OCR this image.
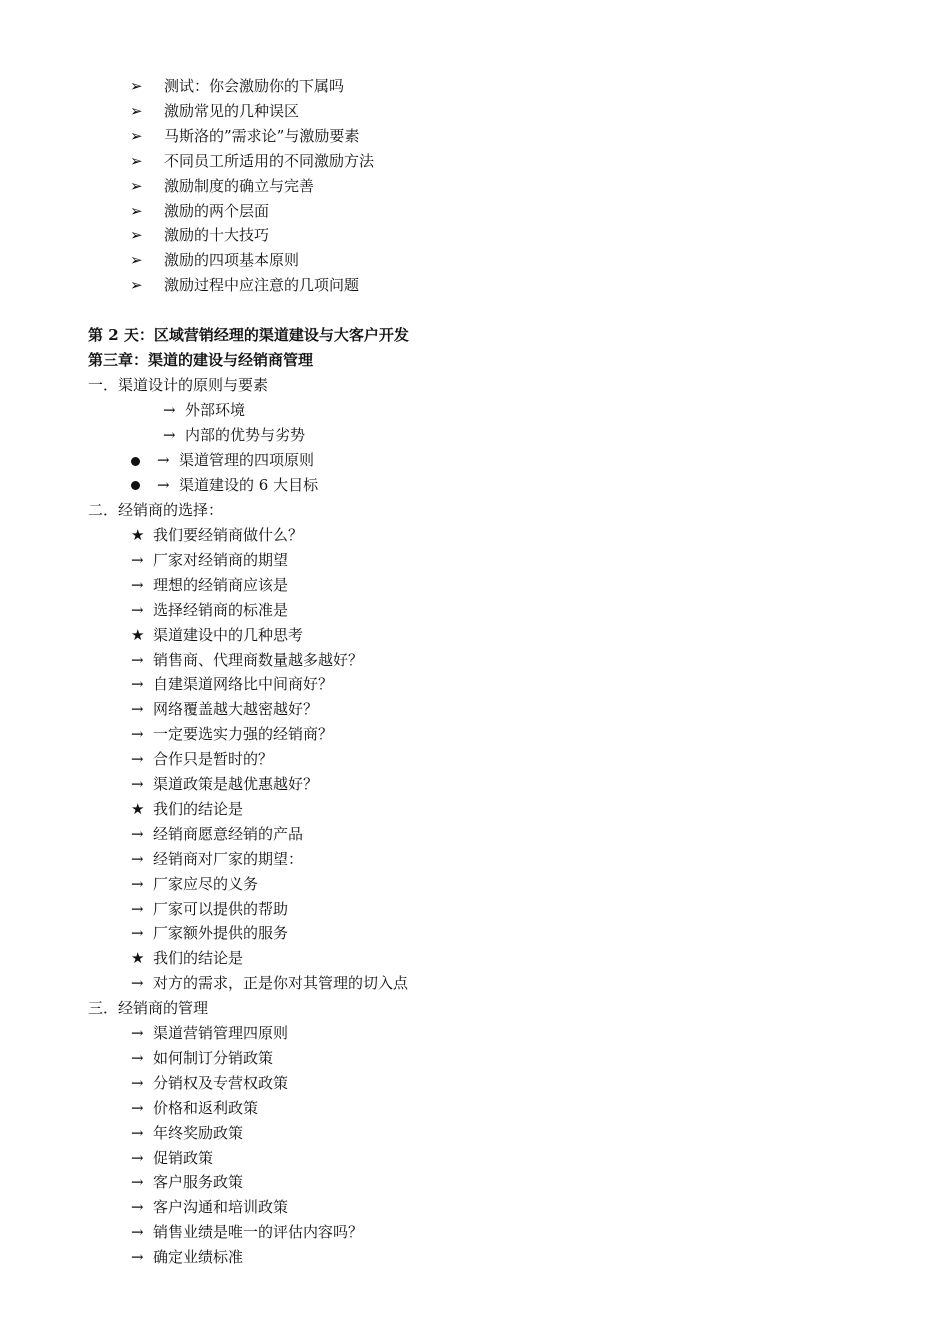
➢ 测试：你会激励你的下属吗
➢ 激励常见的几种误区
➢ 马斯洛的”需求论”与激励要素
➢ 不同员工所适用的不同激励方法
➢ 激励制度的确立与完善
➢ 激励的两个层面
➢ 激励的十大技巧
➢ 激励的四项基本原则
➢ 激励过程中应注意的几项问题
第 2 天：区域营销经理的渠道建设与大客户开发
第三章：渠道的建设与经销商管理
一．渠道设计的原则与要素
→ 外部环境
→ 内部的优势与劣势
→ 渠道管理的四项原则
→ 渠道建设的 6 大目标
二．经销商的选择：
★ 我们要经销商做什么？
→ 厂家对经销商的期望
→ 理想的经销商应该是
→ 选择经销商的标准是
★ 渠道建设中的几种思考
→ 销售商、代理商数量越多越好？
→ 自建渠道网络比中间商好？
→ 网络覆盖越大越密越好？
→ 一定要选实力强的经销商？
→ 合作只是暂时的？
→ 渠道政策是越优惠越好？
★ 我们的结论是
→ 经销商愿意经销的产品
→ 经销商对厂家的期望：
→ 厂家应尽的义务
→ 厂家可以提供的帮助
→ 厂家额外提供的服务
★ 我们的结论是
→ 对方的需求，正是你对其管理的切入点
三．经销商的管理
→ 渠道营销管理四原则
→ 如何制订分销政策
→ 分销权及专营权政策
→ 价格和返利政策
→ 年终奖励政策
→ 促销政策
→ 客户服务政策
→ 客户沟通和培训政策
→ 销售业绩是唯一的评估内容吗？
→ 确定业绩标准
